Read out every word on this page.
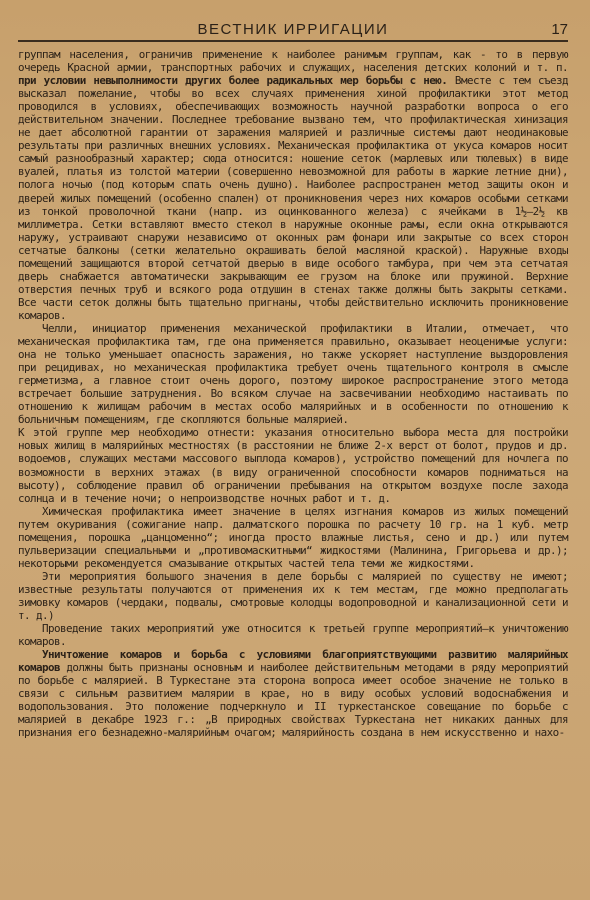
ВЕСТНИК ИРРИГАЦИИ	17

группам населения, ограничив применение к наиболее ранимым группам, как - то в первую очередь Красной армии, транспортных рабочих и служащих, населения детских колоний и т. п. при условии невыполнимости других более радикальных мер борьбы с нею. Вместе с тем съезд высказал пожелание, чтобы во всех случаях применения хиной профилактики этот метод проводился в условиях, обеспечивающих возможность научной разработки вопроса о его действительном значении. Последнее требование вызвано тем, что профилактическая хинизация не дает абсолютной гарантии от заражения малярией и различные системы дают неодинаковые результаты при различных внешних условиях. Механическая профилактика от укуса комаров носит самый разнообразный характер; сюда относится: ношение сеток (марлевых или тюлевых) в виде вуалей, платья из толстой материи (совершенно невозможной для работы в жаркие летние дни), полога ночью (под которым спать очень душно). Наиболее распространен метод защиты окон и дверей жилых помещений (особенно спален) от проникновения через них комаров особыми сетками из тонкой проволочной ткани (напр. из оцинкованного железа) с ячейками в 1½—2½ кв миллиметра. Сетки вставляют вместо стекол в наружные оконные рамы, если окна открываются наружу, устраивают снаружи независимо от оконных рам фонари или закрытые со всех сторон сетчатые балконы (сетки желательно окрашивать белой масляной краской). Наружные входы помещений защищаются второй сетчатой дверью в виде особого тамбура, при чем эта сетчатая дверь снабжается автоматически закрывающим ее грузом на блоке или пружиной. Верхние отверстия печных труб и всякого рода отдушин в стенах также должны быть закрыты сетками. Все части сеток должны быть тщательно пригнаны, чтобы действительно исключить проникновение комаров.

Челли, инициатор применения механической профилактики в Италии, отмечает, что механическая профилактика там, где она применяется правильно, оказывает неоценимые услуги: она не только уменьшает опасность заражения, но также ускоряет наступление выздоровления при рецидивах, но механическая профилактика требует очень тщательного контроля в смысле герметизма, а главное стоит очень дорого, поэтому широкое распространение этого метода встречает большие затруднения. Во всяком случае на засвечивании необходимо настаивать по отношению к жилищам рабочим в местах особо малярийных и в особенности по отношению к больничным помещениям, где скопляются больные малярией.

К этой группе мер необходимо отнести: указания относительно выбора места для постройки новых жилищ в малярийных местностях (в расстоянии не ближе 2-х верст от болот, прудов и др. водоемов, служащих местами массового выплода комаров), устройство помещений для ночлега по возможности в верхних этажах (в виду ограниченной способности комаров подниматься на высоту), соблюдение правил об ограничении пребывания на открытом воздухе после захода солнца и в течение ночи; о непроизводстве ночных работ и т. д.

Химическая профилактика имеет значение в целях изгнания комаров из жилых помещений путем окуривания (сожигание напр. далматского порошка по расчету 10 гр. на 1 куб. метр помещения, порошка „цанцоменно“; иногда просто влажные листья, сено и др.) или путем пульверизации специальными и „противомаскитными“ жидкостями (Малинина, Григорьева и др.); некоторыми рекомендуется смазывание открытых частей тела теми же жидкостями.

Эти мероприятия большого значения в деле борьбы с малярией по существу не имеют; известные результаты получаются от применения их к тем местам, где можно предполагать зимовку комаров (чердаки, подвалы, смотровые колодцы водопроводной и канализационной сети и т. д.)

Проведение таких мероприятий уже относится к третьей группе мероприятий—к уничтожению комаров.

Уничтожение комаров и борьба с условиями благоприятствующими развитию малярийных комаров должны быть признаны основным и наиболее действительным методами в ряду мероприятий по борьбе с малярией. В Туркестане эта сторона вопроса имеет особое значение не только в связи с сильным развитием малярии в крае, но в виду особых условий водоснабжения и водопользования. Это положение подчеркнуло и II туркестанское совещание по борьбе с малярией в декабре 1923 г.: „В природных свойствах Туркестана нет никаких данных для признания его безнадежно-малярийным очагом; малярийность создана в нем искусственно и нахо-
